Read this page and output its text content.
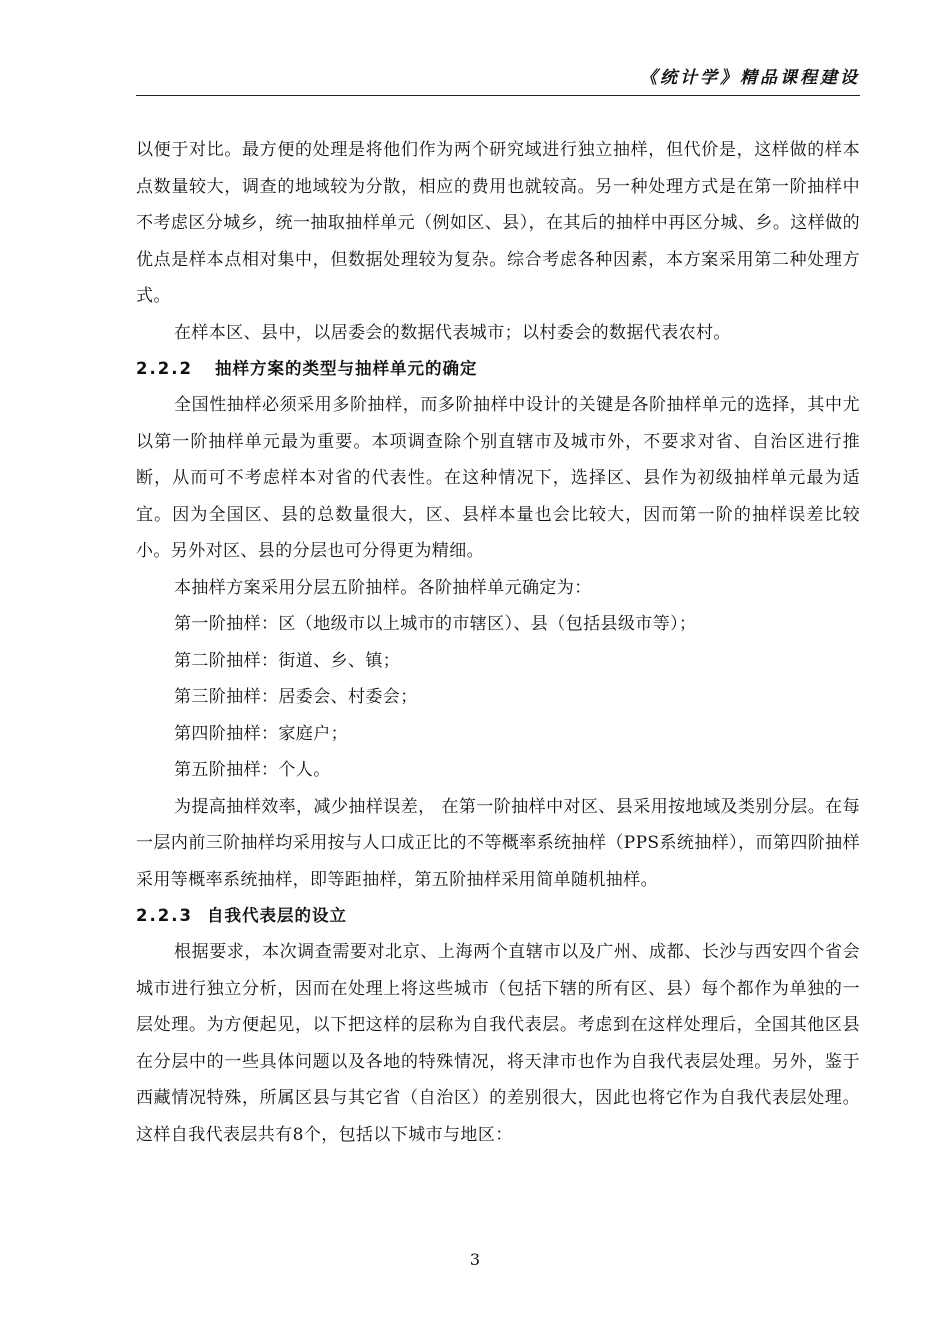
《统计学》精品课程建设

以便于对比。最方便的处理是将他们作为两个研究域进行独立抽样，但代价是，这样做的样本点数量较大，调查的地域较为分散，相应的费用也就较高。另一种处理方式是在第一阶抽样中不考虑区分城乡，统一抽取抽样单元（例如区、县），在其后的抽样中再区分城、乡。这样做的优点是样本点相对集中，但数据处理较为复杂。综合考虑各种因素，本方案采用第二种处理方式。

在样本区、县中，以居委会的数据代表城市；以村委会的数据代表农村。

2.2.2 抽样方案的类型与抽样单元的确定

全国性抽样必须采用多阶抽样，而多阶抽样中设计的关键是各阶抽样单元的选择，其中尤以第一阶抽样单元最为重要。本项调查除个别直辖市及城市外，不要求对省、自治区进行推断，从而可不考虑样本对省的代表性。在这种情况下，选择区、县作为初级抽样单元最为适宜。因为全国区、县的总数量很大，区、县样本量也会比较大，因而第一阶的抽样误差比较小。另外对区、县的分层也可分得更为精细。

本抽样方案采用分层五阶抽样。各阶抽样单元确定为：

第一阶抽样：区（地级市以上城市的市辖区）、县（包括县级市等）；

第二阶抽样：街道、乡、镇；

第三阶抽样：居委会、村委会；

第四阶抽样：家庭户；

第五阶抽样：个人。

为提高抽样效率，减少抽样误差， 在第一阶抽样中对区、县采用按地域及类别分层。在每一层内前三阶抽样均采用按与人口成正比的不等概率系统抽样（PPS系统抽样），而第四阶抽样采用等概率系统抽样，即等距抽样，第五阶抽样采用简单随机抽样。

2.2.3 自我代表层的设立

根据要求，本次调查需要对北京、上海两个直辖市以及广州、成都、长沙与西安四个省会城市进行独立分析，因而在处理上将这些城市（包括下辖的所有区、县）每个都作为单独的一层处理。为方便起见，以下把这样的层称为自我代表层。考虑到在这样处理后，全国其他区县在分层中的一些具体问题以及各地的特殊情况，将天津市也作为自我代表层处理。另外，鉴于西藏情况特殊，所属区县与其它省（自治区）的差别很大，因此也将它作为自我代表层处理。这样自我代表层共有8个，包括以下城市与地区：

3
